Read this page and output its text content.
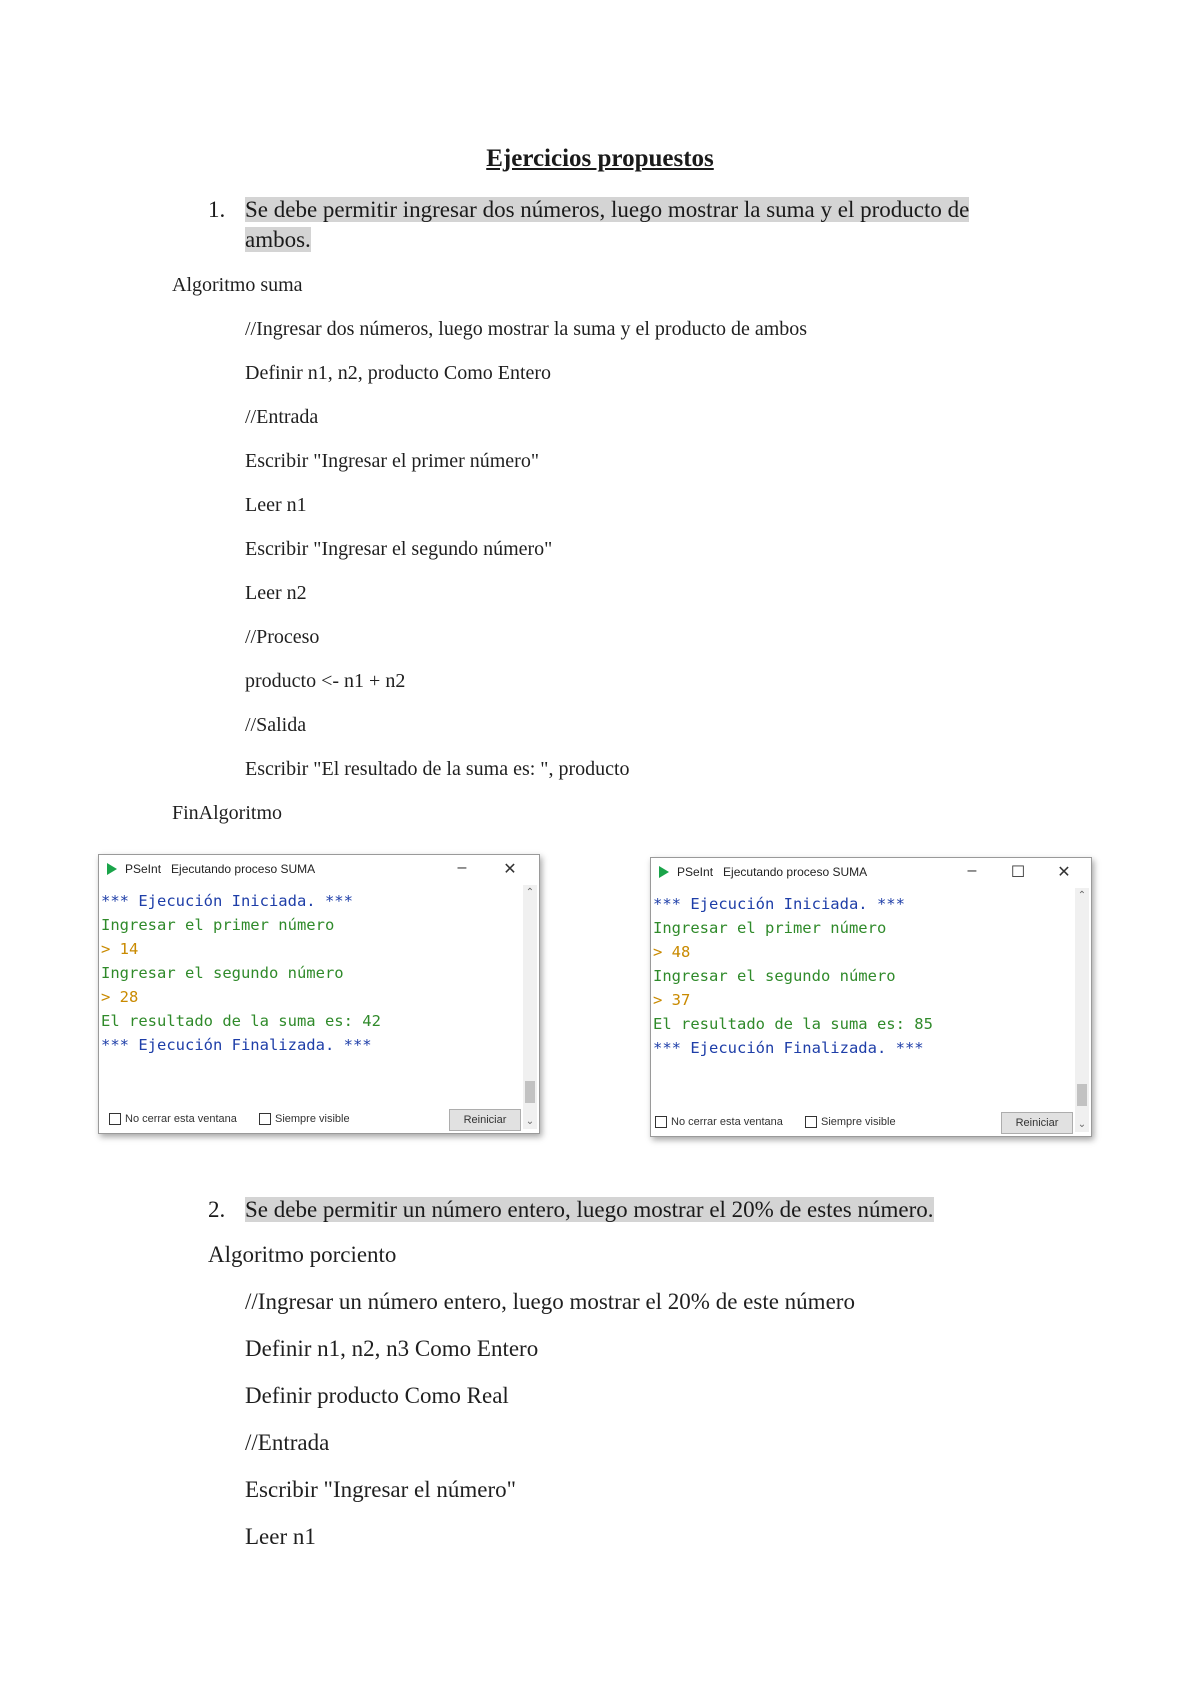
Ejercicios propuestos
1. Se debe permitir ingresar dos números, luego mostrar la suma y el producto de
ambos.
Algoritmo suma
//Ingresar dos números, luego mostrar la suma y el producto de ambos
Definir n1, n2, producto Como Entero
//Entrada
Escribir "Ingresar el primer número"
Leer n1
Escribir "Ingresar el segundo número"
Leer n2
//Proceso
producto <- n1 + n2
//Salida
Escribir "El resultado de la suma es: ", producto
FinAlgoritmo
PSeInt Ejecutando proceso SUMA	–	✕
*** Ejecución Iniciada. ***
Ingresar el primer número
> 14
Ingresar el segundo número
> 28
El resultado de la suma es: 42
*** Ejecución Finalizada. ***
⌃
⌄
No cerrar esta ventana	Siempre visible	Reiniciar
PSeInt Ejecutando proceso SUMA	–	☐ ✕
*** Ejecución Iniciada. ***
Ingresar el primer número
> 48
Ingresar el segundo número
> 37
El resultado de la suma es: 85
*** Ejecución Finalizada. ***
⌃
⌄
No cerrar esta ventana	Siempre visible	Reiniciar
2. Se debe permitir un número entero, luego mostrar el 20% de estes número.
Algoritmo porciento
//Ingresar un número entero, luego mostrar el 20% de este número
Definir n1, n2, n3 Como Entero
Definir producto Como Real
//Entrada
Escribir "Ingresar el número"
Leer n1
